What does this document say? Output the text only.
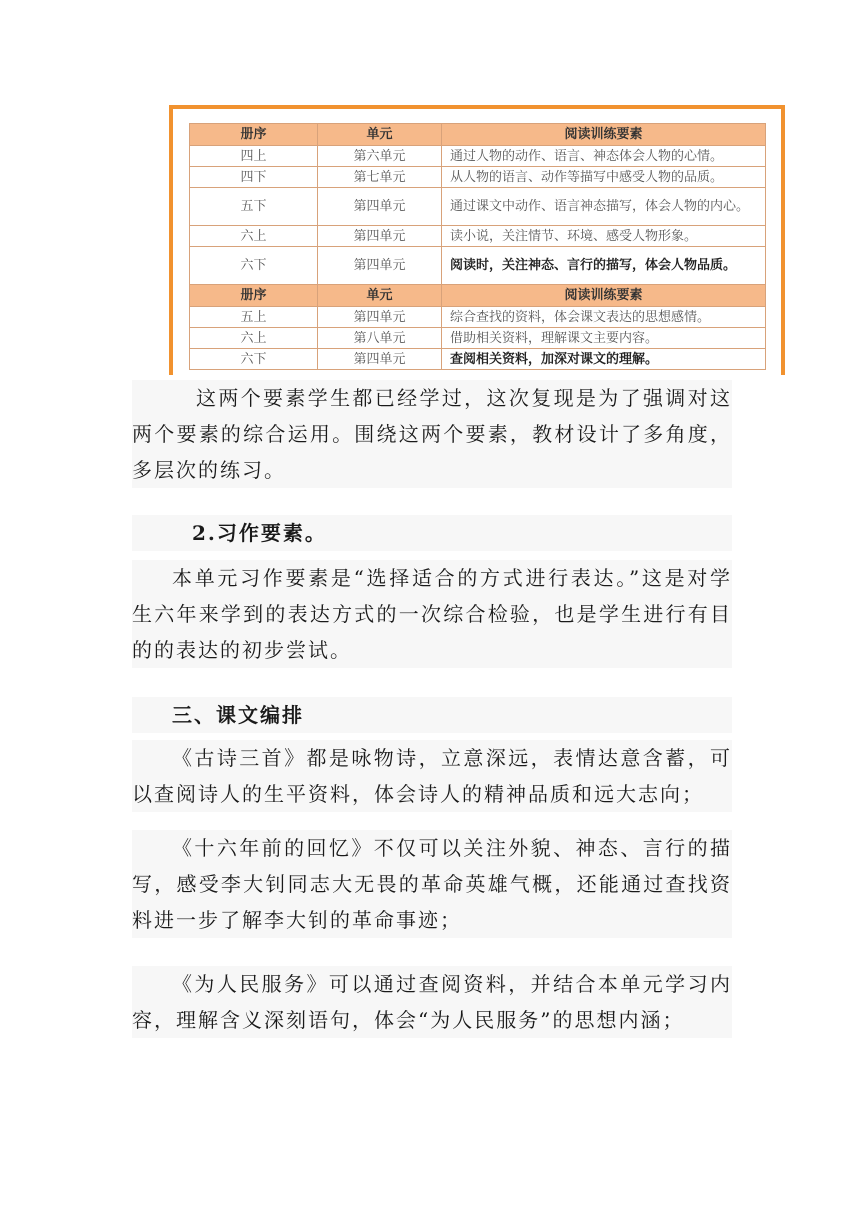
册序	单元	阅读训练要素
四上	第六单元	通过人物的动作、语言、神态体会人物的心情。
四下	第七单元	从人物的语言、动作等描写中感受人物的品质。
五下	第四单元	通过课文中动作、语言神态描写，体会人物的内心。
六上	第四单元	读小说，关注情节、环境、感受人物形象。
六下	第四单元	阅读时，关注神态、言行的描写，体会人物品质。
册序	单元	阅读训练要素
五上	第四单元	综合查找的资料，体会课文表达的思想感情。
六上	第八单元	借助相关资料，理解课文主要内容。
六下	第四单元	查阅相关资料，加深对课文的理解。

这两个要素学生都已经学过，这次复现是为了强调对这两个要素的综合运用。围绕这两个要素，教材设计了多角度，多层次的练习。

2.习作要素。

本单元习作要素是“选择适合的方式进行表达。”这是对学生六年来学到的表达方式的一次综合检验，也是学生进行有目的的表达的初步尝试。

三、课文编排

《古诗三首》都是咏物诗，立意深远，表情达意含蓄，可以查阅诗人的生平资料，体会诗人的精神品质和远大志向；

《十六年前的回忆》不仅可以关注外貌、神态、言行的描写，感受李大钊同志大无畏的革命英雄气概，还能通过查找资料进一步了解李大钊的革命事迹；

《为人民服务》可以通过查阅资料，并结合本单元学习内容，理解含义深刻语句，体会“为人民服务”的思想内涵；
